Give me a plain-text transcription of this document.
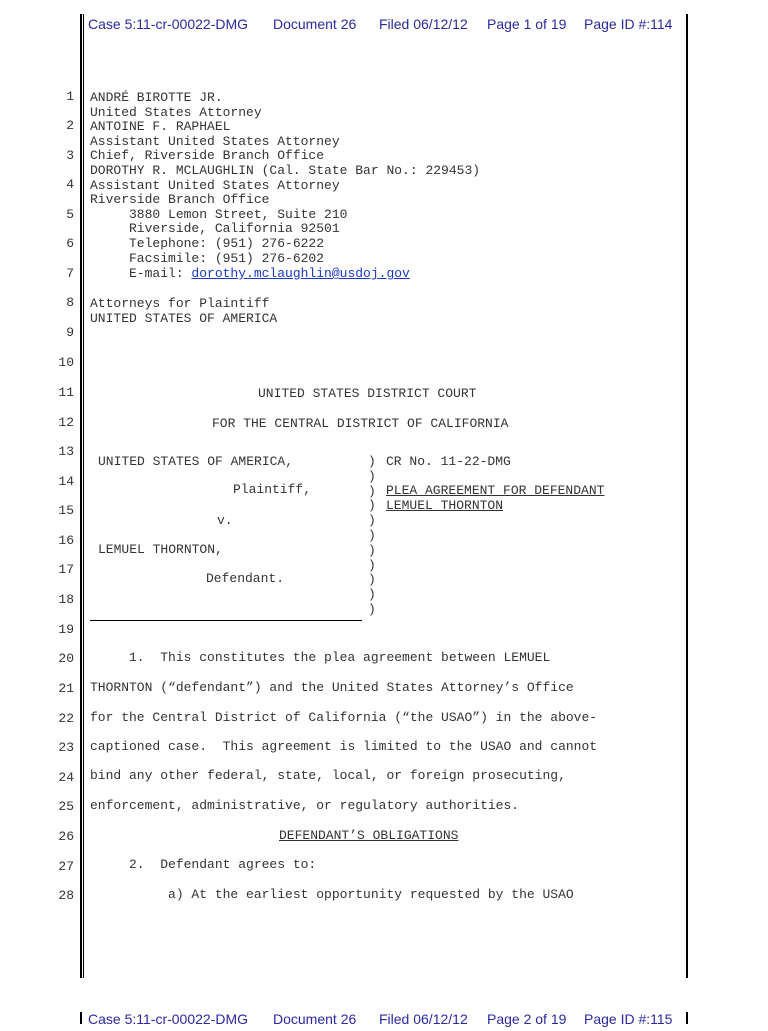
Case 5:11-cr-00022-DMG Document 26 Filed 06/12/12 Page 1 of 19 Page ID #:114
1
2
3
4
5
6
7
8
9
10
11
12
13
14
15
16
17
18
19
20
21
22
23
24
25
26
27
28
ANDRÉ BIROTTE JR.
United States Attorney
ANTOINE F. RAPHAEL
Assistant United States Attorney
Chief, Riverside Branch Office
DOROTHY R. MCLAUGHLIN (Cal. State Bar No.: 229453)
Assistant United States Attorney
Riverside Branch Office
3880 Lemon Street, Suite 210
Riverside, California 92501
Telephone: (951) 276-6222
Facsimile: (951) 276-6202
E-mail: dorothy.mclaughlin@usdoj.gov
Attorneys for Plaintiff
UNITED STATES OF AMERICA
UNITED STATES DISTRICT COURT
FOR THE CENTRAL DISTRICT OF CALIFORNIA
UNITED STATES OF AMERICA,
Plaintiff,
v.
LEMUEL THORNTON,
Defendant.
)
)
)
)
)
)
)
)
)
)
)
CR No. 11-22-DMG
PLEA AGREEMENT FOR DEFENDANT
LEMUEL THORNTON
1.  This constitutes the plea agreement between LEMUEL
THORNTON (“defendant”) and the United States Attorney’s Office
for the Central District of California (“the USAO”) in the above-
captioned case.  This agreement is limited to the USAO and cannot
bind any other federal, state, local, or foreign prosecuting,
enforcement, administrative, or regulatory authorities.
DEFENDANT’S OBLIGATIONS
2.  Defendant agrees to:
a) At the earliest opportunity requested by the USAO
Case 5:11-cr-00022-DMG Document 26 Filed 06/12/12 Page 2 of 19 Page ID #:115
